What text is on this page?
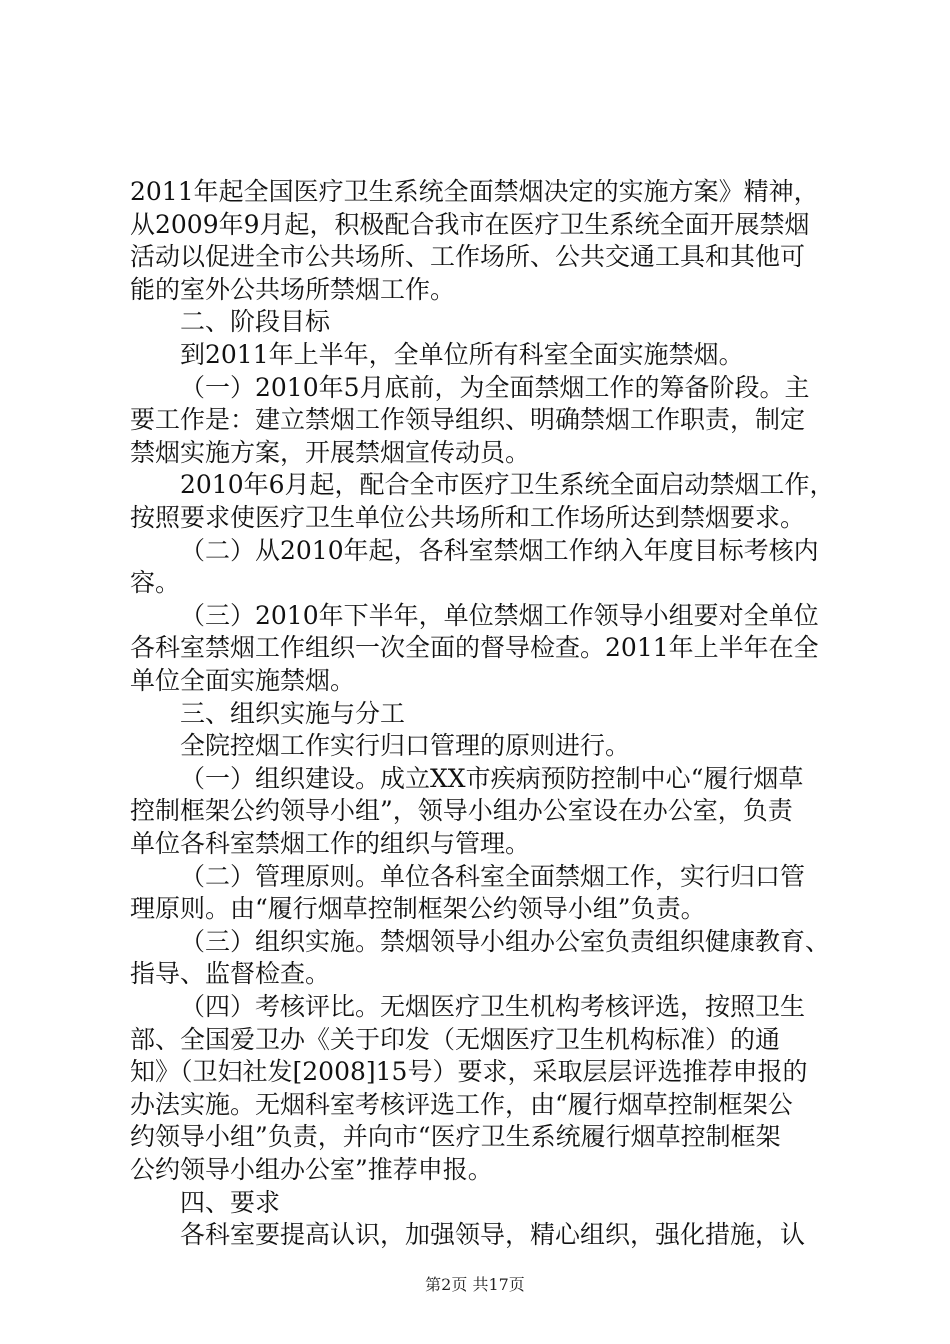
2011年起全国医疗卫生系统全面禁烟决定的实施方案》精神，
从2009年9月起，积极配合我市在医疗卫生系统全面开展禁烟
活动以促进全市公共场所、工作场所、公共交通工具和其他可
能的室外公共场所禁烟工作。
二、阶段目标
到2011年上半年，全单位所有科室全面实施禁烟。
（一）2010年5月底前，为全面禁烟工作的筹备阶段。主
要工作是：建立禁烟工作领导组织、明确禁烟工作职责，制定
禁烟实施方案，开展禁烟宣传动员。
2010年6月起，配合全市医疗卫生系统全面启动禁烟工作，
按照要求使医疗卫生单位公共场所和工作场所达到禁烟要求。
（二）从2010年起，各科室禁烟工作纳入年度目标考核内
容。
（三）2010年下半年，单位禁烟工作领导小组要对全单位
各科室禁烟工作组织一次全面的督导检查。2011年上半年在全
单位全面实施禁烟。
三、组织实施与分工
全院控烟工作实行归口管理的原则进行。
（一）组织建设。成立XX市疾病预防控制中心“履行烟草
控制框架公约领导小组”，领导小组办公室设在办公室，负责
单位各科室禁烟工作的组织与管理。
（二）管理原则。单位各科室全面禁烟工作，实行归口管
理原则。由“履行烟草控制框架公约领导小组”负责。
（三）组织实施。禁烟领导小组办公室负责组织健康教育、
指导、监督检查。
（四）考核评比。无烟医疗卫生机构考核评选，按照卫生
部、全国爱卫办《关于印发（无烟医疗卫生机构标准）的通
知》（卫妇社发[2008]15号）要求，采取层层评选推荐申报的
办法实施。无烟科室考核评选工作，由“履行烟草控制框架公
约领导小组”负责，并向市“医疗卫生系统履行烟草控制框架
公约领导小组办公室”推荐申报。
四、要求
各科室要提高认识，加强领导，精心组织，强化措施，认
第2页 共17页
